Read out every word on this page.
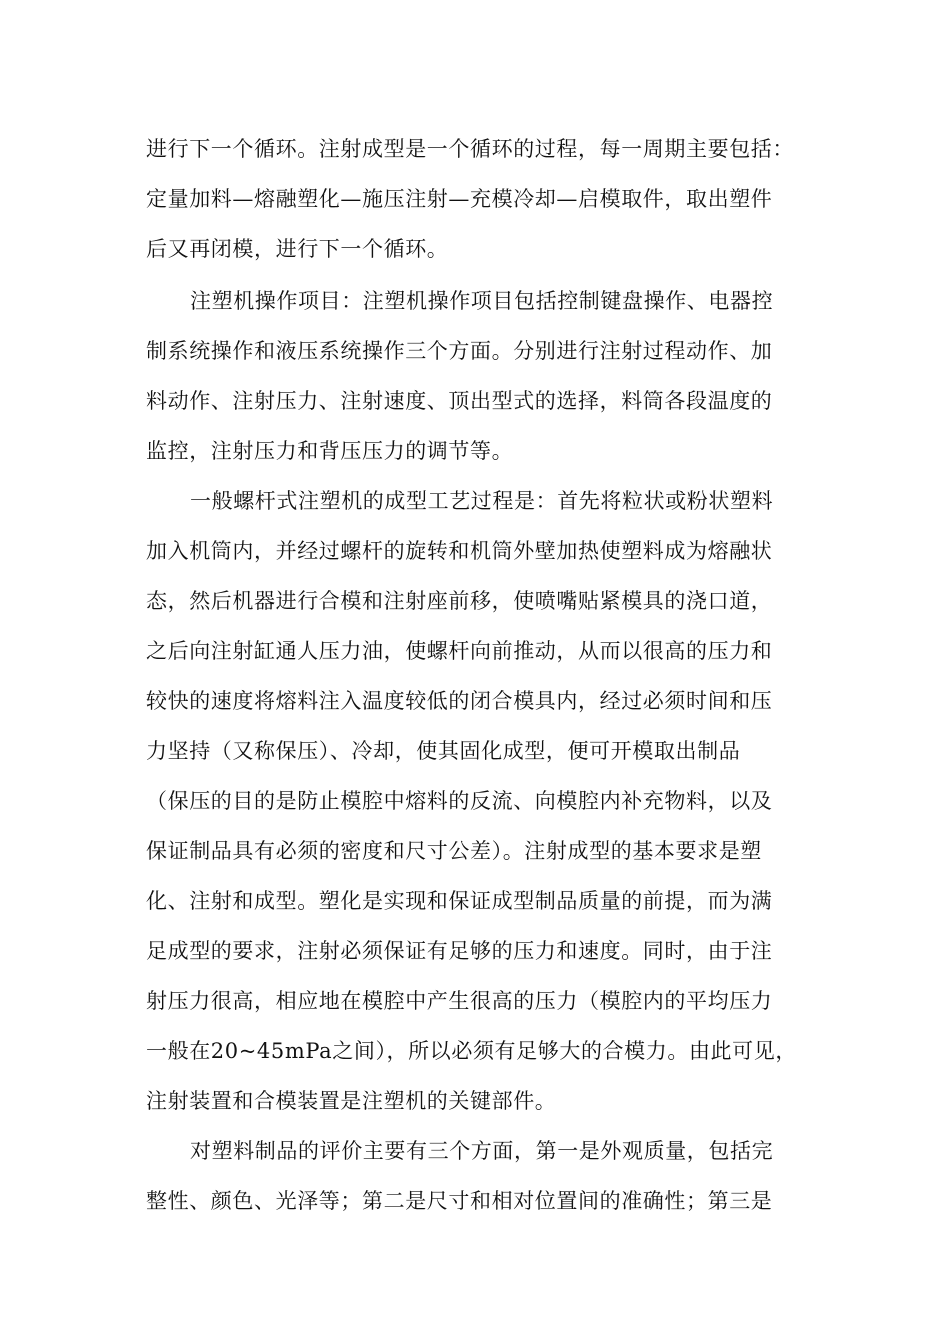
进行下一个循环。注射成型是一个循环的过程，每一周期主要包括：
定量加料—熔融塑化—施压注射—充模冷却—启模取件，取出塑件
后又再闭模，进行下一个循环。
注塑机操作项目：注塑机操作项目包括控制键盘操作、电器控
制系统操作和液压系统操作三个方面。分别进行注射过程动作、加
料动作、注射压力、注射速度、顶出型式的选择，料筒各段温度的
监控，注射压力和背压压力的调节等。
一般螺杆式注塑机的成型工艺过程是：首先将粒状或粉状塑料
加入机筒内，并经过螺杆的旋转和机筒外壁加热使塑料成为熔融状
态，然后机器进行合模和注射座前移，使喷嘴贴紧模具的浇口道，
之后向注射缸通人压力油，使螺杆向前推动，从而以很高的压力和
较快的速度将熔料注入温度较低的闭合模具内，经过必须时间和压
力坚持（又称保压）、冷却，使其固化成型，便可开模取出制品
（保压的目的是防止模腔中熔料的反流、向模腔内补充物料，以及
保证制品具有必须的密度和尺寸公差）。注射成型的基本要求是塑
化、注射和成型。塑化是实现和保证成型制品质量的前提，而为满
足成型的要求，注射必须保证有足够的压力和速度。同时，由于注
射压力很高，相应地在模腔中产生很高的压力（模腔内的平均压力
一般在20~45mPa之间），所以必须有足够大的合模力。由此可见，
注射装置和合模装置是注塑机的关键部件。
对塑料制品的评价主要有三个方面，第一是外观质量，包括完
整性、颜色、光泽等；第二是尺寸和相对位置间的准确性；第三是
